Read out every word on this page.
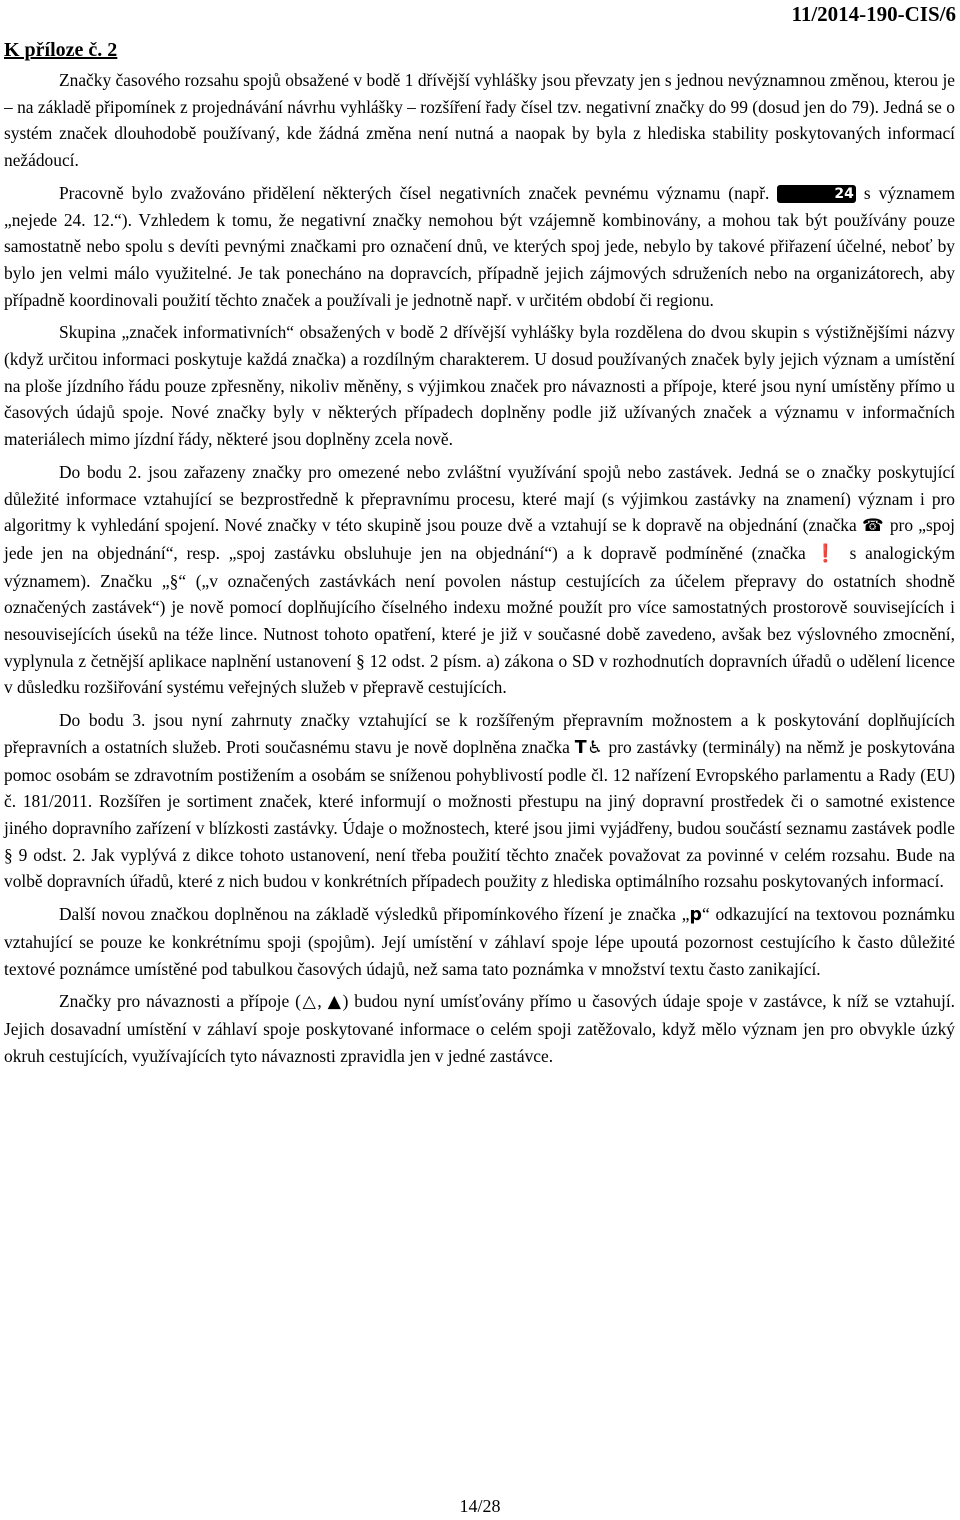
11/2014-190-CIS/6
K příloze č. 2

Značky časového rozsahu spojů obsažené v bodě 1 dřívější vyhlášky jsou převzaty jen s jednou nevýznamnou změnou, kterou je – na základě připomínek z projednávání návrhu vyhlášky – rozšíření řady čísel tzv. negativní značky do 99 (dosud jen do 79). Jedná se o systém značek dlouhodobě používaný, kde žádná změna není nutná a naopak by byla z hlediska stability poskytovaných informací nežádoucí.

Pracovně bylo zvažováno přidělení některých čísel negativních značek pevnému významu (např.	24 s významem „nejede 24. 12.“). Vzhledem k tomu, že negativní značky nemohou být vzájemně kombinovány, a mohou tak být používány pouze samostatně nebo spolu s devíti pevnými značkami pro označení dnů, ve kterých spoj jede, nebylo by takové přiřazení účelné, neboť by bylo jen velmi málo využitelné. Je tak ponecháno na dopravcích, případně jejich zájmových sdruženích nebo na organizátorech, aby případně koordinovali použití těchto značek a používali je jednotně např. v určitém období či regionu.

Skupina „značek informativních“ obsažených v bodě 2 dřívější vyhlášky byla rozdělena do dvou skupin s výstižnějšími názvy (když určitou informaci poskytuje každá značka) a rozdílným charakterem. U dosud používaných značek byly jejich význam a umístění na ploše jízdního řádu pouze zpřesněny, nikoliv měněny, s výjimkou značek pro návaznosti a přípoje, které jsou nyní umístěny přímo u časových údajů spoje. Nové značky byly v některých případech doplněny podle již užívaných značek a významu v informačních materiálech mimo jízdní řády, některé jsou doplněny zcela nově.

Do bodu 2. jsou zařazeny značky pro omezené nebo zvláštní využívání spojů nebo zastávek. Jedná se o značky poskytující důležité informace vztahující se bezprostředně k přepravnímu procesu, které mají (s výjimkou zastávky na znamení) význam i pro algoritmy k vyhledání spojení. Nové značky v této skupině jsou pouze dvě a vztahují se k dopravě na objednání (značka ☎ pro „spoj jede jen na objednání“, resp. „spoj zastávku obsluhuje jen na objednání“) a k dopravě podmíněné (značka ❗ s analogickým významem). Značku „§“ („v označených zastávkách není povolen nástup cestujících za účelem přepravy do ostatních shodně označených zastávek“) je nově pomocí doplňujícího číselného indexu možné použít pro více samostatných prostorově souvisejících i nesouvisejících úseků na téže lince. Nutnost tohoto opatření, které je již v současné době zavedeno, avšak bez výslovného zmocnění, vyplynula z četnější aplikace naplnění ustanovení § 12 odst. 2 písm. a) zákona o SD v rozhodnutích dopravních úřadů o udělení licence v důsledku rozšiřování systému veřejných služeb v přepravě cestujících.

Do bodu 3. jsou nyní zahrnuty značky vztahující se k rozšířeným přepravním možnostem a k poskytování doplňujících přepravních a ostatních služeb. Proti současnému stavu je nově doplněna značka T♿ pro zastávky (terminály) na němž je poskytována pomoc osobám se zdravotním postižením a osobám se sníženou pohyblivostí podle čl. 12 nařízení Evropského parlamentu a Rady (EU) č. 181/2011. Rozšířen je sortiment značek, které informují o možnosti přestupu na jiný dopravní prostředek či o samotné existence jiného dopravního zařízení v blízkosti zastávky. Údaje o možnostech, které jsou jimi vyjádřeny, budou součástí seznamu zastávek podle § 9 odst. 2. Jak vyplývá z dikce tohoto ustanovení, není třeba použití těchto značek považovat za povinné v celém rozsahu. Bude na volbě dopravních úřadů, které z nich budou v konkrétních případech použity z hlediska optimálního rozsahu poskytovaných informací.

Další novou značkou doplněnou na základě výsledků připomínkového řízení je značka „p“ odkazující na textovou poznámku vztahující se pouze ke konkrétnímu spoji (spojům). Její umístění v záhlaví spoje lépe upoutá pozornost cestujícího k často důležité textové poznámce umístěné pod tabulkou časových údajů, než sama tato poznámka v množství textu často zanikající.

Značky pro návaznosti a přípoje (△, ▲) budou nyní umísťovány přímo u časových údaje spoje v zastávce, k níž se vztahují. Jejich dosavadní umístění v záhlaví spoje poskytované informace o celém spoji zatěžovalo, když mělo význam jen pro obvykle úzký okruh cestujících, využívajících tyto návaznosti zpravidla jen v jedné zastávce.

14/28
